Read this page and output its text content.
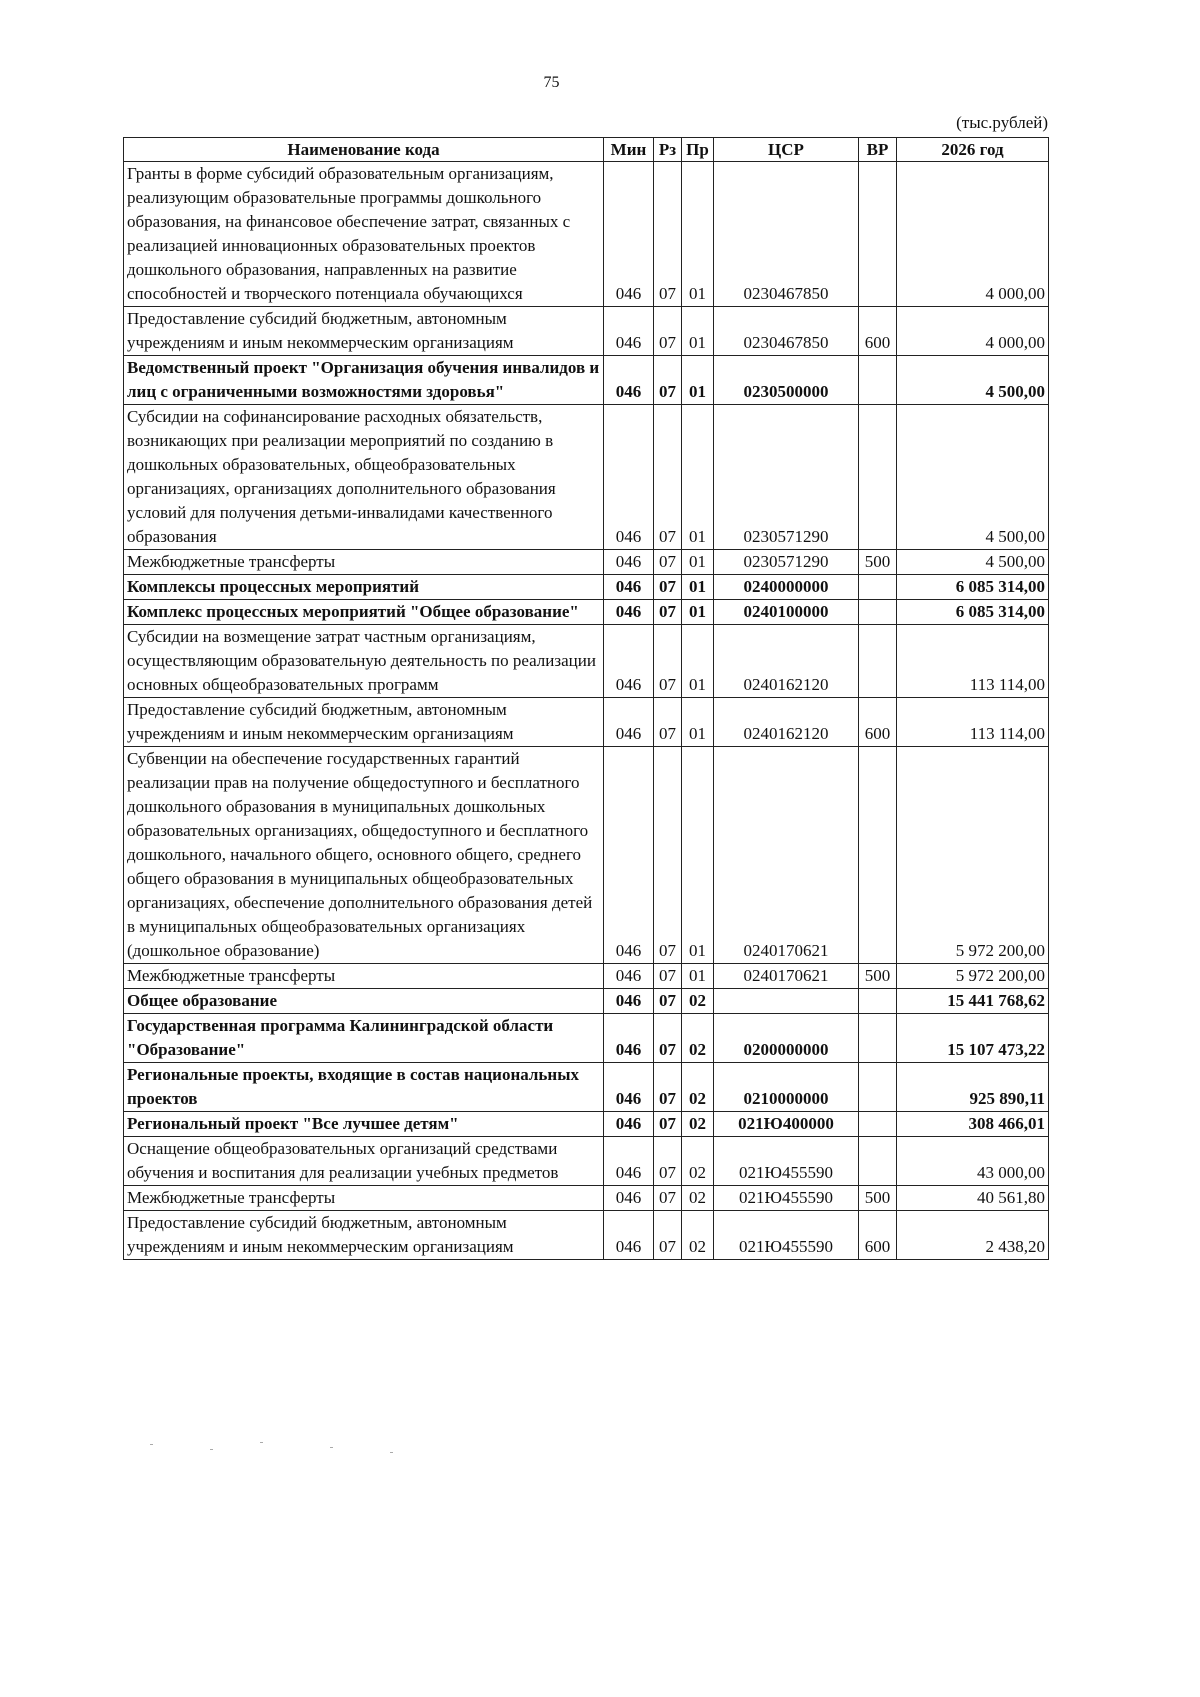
75
(тыс.рублей)
Наименование кода	Мин	Рз	Пр	ЦСР	ВР	2026 год
Гранты в форме субсидий образовательным организациям, реализующим образовательные программы дошкольного образования, на финансовое обеспечение затрат, связанных с реализацией инновационных образовательных проектов дошкольного образования, направленных на развитие способностей и творческого потенциала обучающихся	046	07	01	0230467850		4 000,00
Предоставление субсидий бюджетным, автономным учреждениям и иным некоммерческим организациям	046	07	01	0230467850	600	4 000,00
Ведомственный проект "Организация обучения инвалидов и лиц с ограниченными возможностями здоровья"	046	07	01	0230500000		4 500,00
Субсидии на софинансирование расходных обязательств, возникающих при реализации мероприятий по созданию в дошкольных образовательных, общеобразовательных организациях, организациях дополнительного образования условий для получения детьми-инвалидами качественного образования	046	07	01	0230571290		4 500,00
Межбюджетные трансферты	046	07	01	0230571290	500	4 500,00
Комплексы процессных мероприятий	046	07	01	0240000000		6 085 314,00
Комплекс процессных мероприятий "Общее образование"	046	07	01	0240100000		6 085 314,00
Субсидии на возмещение затрат частным организациям, осуществляющим образовательную деятельность по реализации основных общеобразовательных программ	046	07	01	0240162120		113 114,00
Предоставление субсидий бюджетным, автономным учреждениям и иным некоммерческим организациям	046	07	01	0240162120	600	113 114,00
Субвенции на обеспечение государственных гарантий реализации прав на получение общедоступного и бесплатного дошкольного образования в муниципальных дошкольных образовательных организациях, общедоступного и бесплатного дошкольного, начального общего, основного общего, среднего общего образования в муниципальных общеобразовательных организациях, обеспечение дополнительного образования детей в муниципальных общеобразовательных организациях (дошкольное образование)	046	07	01	0240170621		5 972 200,00
Межбюджетные трансферты	046	07	01	0240170621	500	5 972 200,00
Общее образование	046	07	02			15 441 768,62
Государственная программа Калининградской области "Образование"	046	07	02	0200000000		15 107 473,22
Региональные проекты, входящие в состав национальных проектов	046	07	02	0210000000		925 890,11
Региональный проект "Все лучшее детям"	046	07	02	021Ю400000		308 466,01
Оснащение общеобразовательных организаций средствами обучения и воспитания для реализации учебных предметов	046	07	02	021Ю455590		43 000,00
Межбюджетные трансферты	046	07	02	021Ю455590	500	40 561,80
Предоставление субсидий бюджетным, автономным учреждениям и иным некоммерческим организациям	046	07	02	021Ю455590	600	2 438,20
